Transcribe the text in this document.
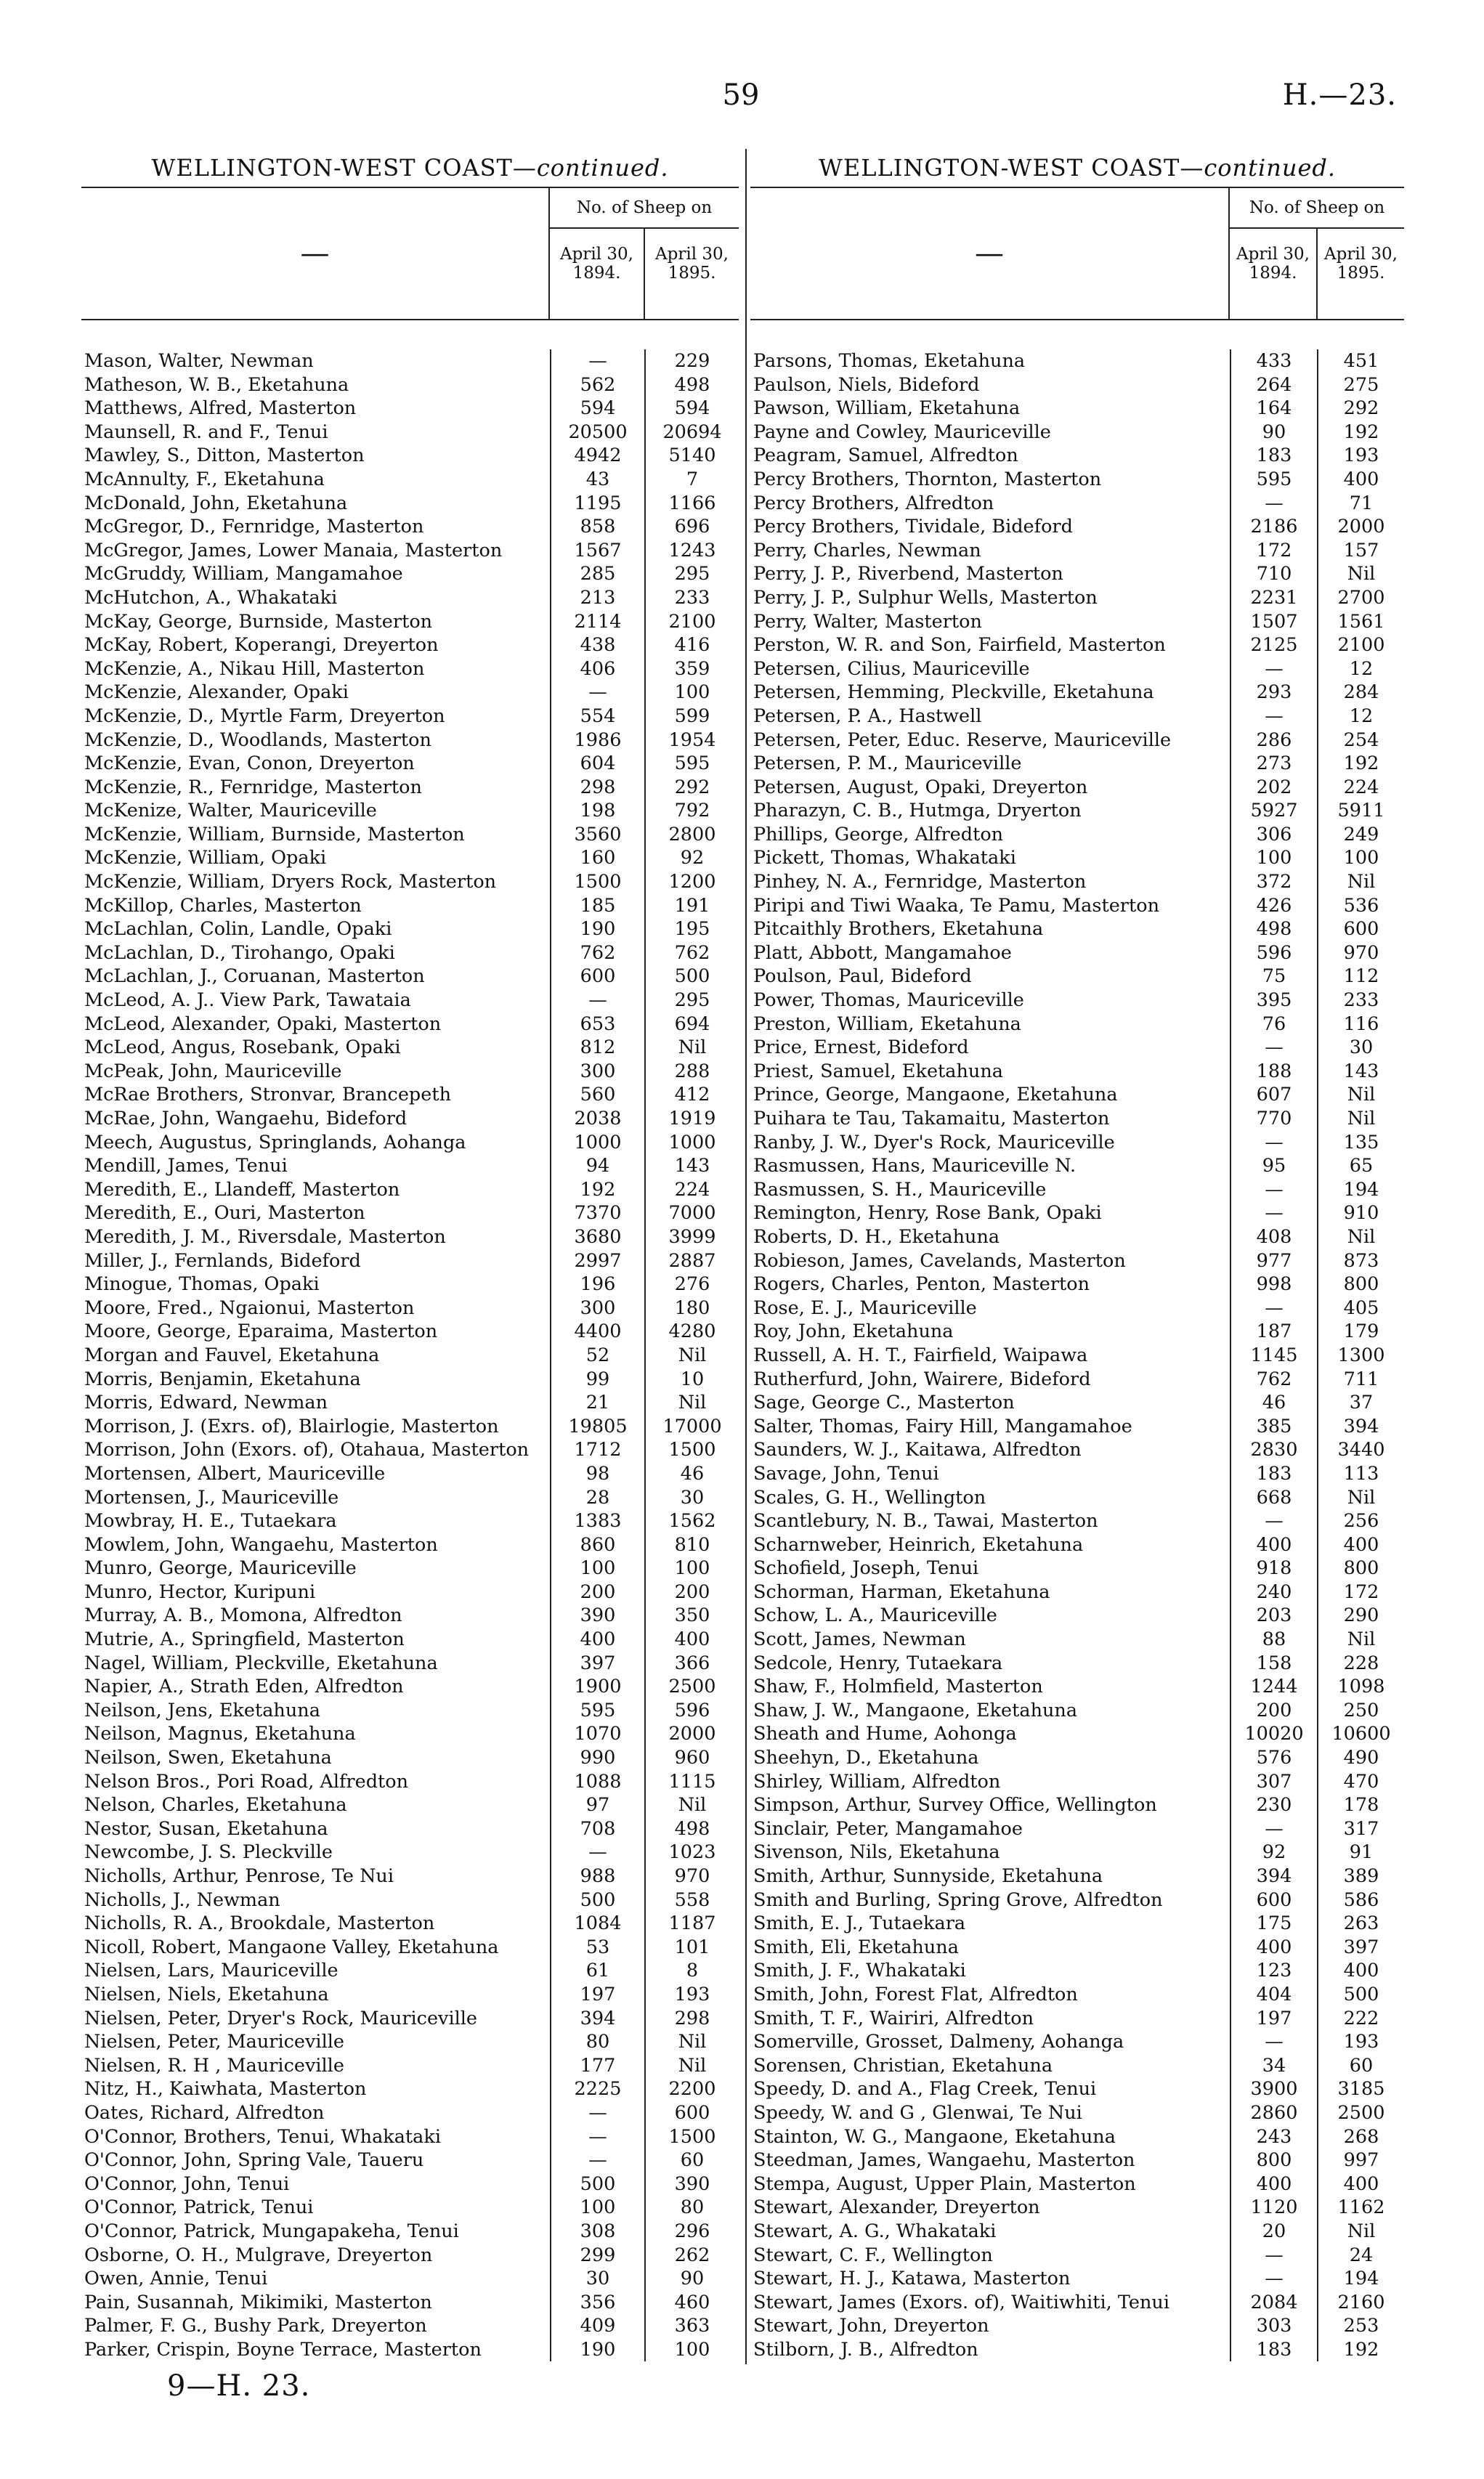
59	H.—23.
WELLINGTON-WEST COAST—continued.
—
No. of Sheep on
April 30,
1894.
April 30,
1895.
Mason, Walter, Newman	—	229
Matheson, W. B., Eketahuna	562	498
Matthews, Alfred, Masterton	594	594
Maunsell, R. and F., Tenui	20500	20694
Mawley, S., Ditton, Masterton	4942	5140
McAnnulty, F., Eketahuna	43	7
McDonald, John, Eketahuna	1195	1166
McGregor, D., Fernridge, Masterton	858	696
McGregor, James, Lower Manaia, Masterton	1567	1243
McGruddy, William, Mangamahoe	285	295
McHutchon, A., Whakataki	213	233
McKay, George, Burnside, Masterton	2114	2100
McKay, Robert, Koperangi, Dreyerton	438	416
McKenzie, A., Nikau Hill, Masterton	406	359
McKenzie, Alexander, Opaki	—	100
McKenzie, D., Myrtle Farm, Dreyerton	554	599
McKenzie, D., Woodlands, Masterton	1986	1954
McKenzie, Evan, Conon, Dreyerton	604	595
McKenzie, R., Fernridge, Masterton	298	292
McKenize, Walter, Mauriceville	198	792
McKenzie, William, Burnside, Masterton	3560	2800
McKenzie, William, Opaki	160	92
McKenzie, William, Dryers Rock, Masterton	1500	1200
McKillop, Charles, Masterton	185	191
McLachlan, Colin, Landle, Opaki	190	195
McLachlan, D., Tirohango, Opaki	762	762
McLachlan, J., Coruanan, Masterton	600	500
McLeod, A. J.. View Park, Tawataia	—	295
McLeod, Alexander, Opaki, Masterton	653	694
McLeod, Angus, Rosebank, Opaki	812	Nil
McPeak, John, Mauriceville	300	288
McRae Brothers, Stronvar, Brancepeth	560	412
McRae, John, Wangaehu, Bideford	2038	1919
Meech, Augustus, Springlands, Aohanga	1000	1000
Mendill, James, Tenui	94	143
Meredith, E., Llandeff, Masterton	192	224
Meredith, E., Ouri, Masterton	7370	7000
Meredith, J. M., Riversdale, Masterton	3680	3999
Miller, J., Fernlands, Bideford	2997	2887
Minogue, Thomas, Opaki	196	276
Moore, Fred., Ngaionui, Masterton	300	180
Moore, George, Eparaima, Masterton	4400	4280
Morgan and Fauvel, Eketahuna	52	Nil
Morris, Benjamin, Eketahuna	99	10
Morris, Edward, Newman	21	Nil
Morrison, J. (Exrs. of), Blairlogie, Masterton	19805	17000
Morrison, John (Exors. of), Otahaua, Masterton	1712	1500
Mortensen, Albert, Mauriceville	98	46
Mortensen, J., Mauriceville	28	30
Mowbray, H. E., Tutaekara	1383	1562
Mowlem, John, Wangaehu, Masterton	860	810
Munro, George, Mauriceville	100	100
Munro, Hector, Kuripuni	200	200
Murray, A. B., Momona, Alfredton	390	350
Mutrie, A., Springfield, Masterton	400	400
Nagel, William, Pleckville, Eketahuna	397	366
Napier, A., Strath Eden, Alfredton	1900	2500
Neilson, Jens, Eketahuna	595	596
Neilson, Magnus, Eketahuna	1070	2000
Neilson, Swen, Eketahuna	990	960
Nelson Bros., Pori Road, Alfredton	1088	1115
Nelson, Charles, Eketahuna	97	Nil
Nestor, Susan, Eketahuna	708	498
Newcombe, J. S. Pleckville	—	1023
Nicholls, Arthur, Penrose, Te Nui	988	970
Nicholls, J., Newman	500	558
Nicholls, R. A., Brookdale, Masterton	1084	1187
Nicoll, Robert, Mangaone Valley, Eketahuna	53	101
Nielsen, Lars, Mauriceville	61	8
Nielsen, Niels, Eketahuna	197	193
Nielsen, Peter, Dryer's Rock, Mauriceville	394	298
Nielsen, Peter, Mauriceville	80	Nil
Nielsen, R. H , Mauriceville	177	Nil
Nitz, H., Kaiwhata, Masterton	2225	2200
Oates, Richard, Alfredton	—	600
O'Connor, Brothers, Tenui, Whakataki	—	1500
O'Connor, John, Spring Vale, Taueru	—	60
O'Connor, John, Tenui	500	390
O'Connor, Patrick, Tenui	100	80
O'Connor, Patrick, Mungapakeha, Tenui	308	296
Osborne, O. H., Mulgrave, Dreyerton	299	262
Owen, Annie, Tenui	30	90
Pain, Susannah, Mikimiki, Masterton	356	460
Palmer, F. G., Bushy Park, Dreyerton	409	363
Parker, Crispin, Boyne Terrace, Masterton	190	100
WELLINGTON-WEST COAST—continued.
—
No. of Sheep on
April 30,
1894.
April 30,
1895.
Parsons, Thomas, Eketahuna	433	451
Paulson, Niels, Bideford	264	275
Pawson, William, Eketahuna	164	292
Payne and Cowley, Mauriceville	90	192
Peagram, Samuel, Alfredton	183	193
Percy Brothers, Thornton, Masterton	595	400
Percy Brothers, Alfredton	—	71
Percy Brothers, Tividale, Bideford	2186	2000
Perry, Charles, Newman	172	157
Perry, J. P., Riverbend, Masterton	710	Nil
Perry, J. P., Sulphur Wells, Masterton	2231	2700
Perry, Walter, Masterton	1507	1561
Perston, W. R. and Son, Fairfield, Masterton	2125	2100
Petersen, Cilius, Mauriceville	—	12
Petersen, Hemming, Pleckville, Eketahuna	293	284
Petersen, P. A., Hastwell	—	12
Petersen, Peter, Educ. Reserve, Mauriceville	286	254
Petersen, P. M., Mauriceville	273	192
Petersen, August, Opaki, Dreyerton	202	224
Pharazyn, C. B., Hutmga, Dryerton	5927	5911
Phillips, George, Alfredton	306	249
Pickett, Thomas, Whakataki	100	100
Pinhey, N. A., Fernridge, Masterton	372	Nil
Piripi and Tiwi Waaka, Te Pamu, Masterton	426	536
Pitcaithly Brothers, Eketahuna	498	600
Platt, Abbott, Mangamahoe	596	970
Poulson, Paul, Bideford	75	112
Power, Thomas, Mauriceville	395	233
Preston, William, Eketahuna	76	116
Price, Ernest, Bideford	—	30
Priest, Samuel, Eketahuna	188	143
Prince, George, Mangaone, Eketahuna	607	Nil
Puihara te Tau, Takamaitu, Masterton	770	Nil
Ranby, J. W., Dyer's Rock, Mauriceville	—	135
Rasmussen, Hans, Mauriceville N.	95	65
Rasmussen, S. H., Mauriceville	—	194
Remington, Henry, Rose Bank, Opaki	—	910
Roberts, D. H., Eketahuna	408	Nil
Robieson, James, Cavelands, Masterton	977	873
Rogers, Charles, Penton, Masterton	998	800
Rose, E. J., Mauriceville	—	405
Roy, John, Eketahuna	187	179
Russell, A. H. T., Fairfield, Waipawa	1145	1300
Rutherfurd, John, Wairere, Bideford	762	711
Sage, George C., Masterton	46	37
Salter, Thomas, Fairy Hill, Mangamahoe	385	394
Saunders, W. J., Kaitawa, Alfredton	2830	3440
Savage, John, Tenui	183	113
Scales, G. H., Wellington	668	Nil
Scantlebury, N. B., Tawai, Masterton	—	256
Scharnweber, Heinrich, Eketahuna	400	400
Schofield, Joseph, Tenui	918	800
Schorman, Harman, Eketahuna	240	172
Schow, L. A., Mauriceville	203	290
Scott, James, Newman	88	Nil
Sedcole, Henry, Tutaekara	158	228
Shaw, F., Holmfield, Masterton	1244	1098
Shaw, J. W., Mangaone, Eketahuna	200	250
Sheath and Hume, Aohonga	10020	10600
Sheehyn, D., Eketahuna	576	490
Shirley, William, Alfredton	307	470
Simpson, Arthur, Survey Office, Wellington	230	178
Sinclair, Peter, Mangamahoe	—	317
Sivenson, Nils, Eketahuna	92	91
Smith, Arthur, Sunnyside, Eketahuna	394	389
Smith and Burling, Spring Grove, Alfredton	600	586
Smith, E. J., Tutaekara	175	263
Smith, Eli, Eketahuna	400	397
Smith, J. F., Whakataki	123	400
Smith, John, Forest Flat, Alfredton	404	500
Smith, T. F., Wairiri, Alfredton	197	222
Somerville, Grosset, Dalmeny, Aohanga	—	193
Sorensen, Christian, Eketahuna	34	60
Speedy, D. and A., Flag Creek, Tenui	3900	3185
Speedy, W. and G , Glenwai, Te Nui	2860	2500
Stainton, W. G., Mangaone, Eketahuna	243	268
Steedman, James, Wangaehu, Masterton	800	997
Stempa, August, Upper Plain, Masterton	400	400
Stewart, Alexander, Dreyerton	1120	1162
Stewart, A. G., Whakataki	20	Nil
Stewart, C. F., Wellington	—	24
Stewart, H. J., Katawa, Masterton	—	194
Stewart, James (Exors. of), Waitiwhiti, Tenui	2084	2160
Stewart, John, Dreyerton	303	253
Stilborn, J. B., Alfredton	183	192
9—H. 23.
